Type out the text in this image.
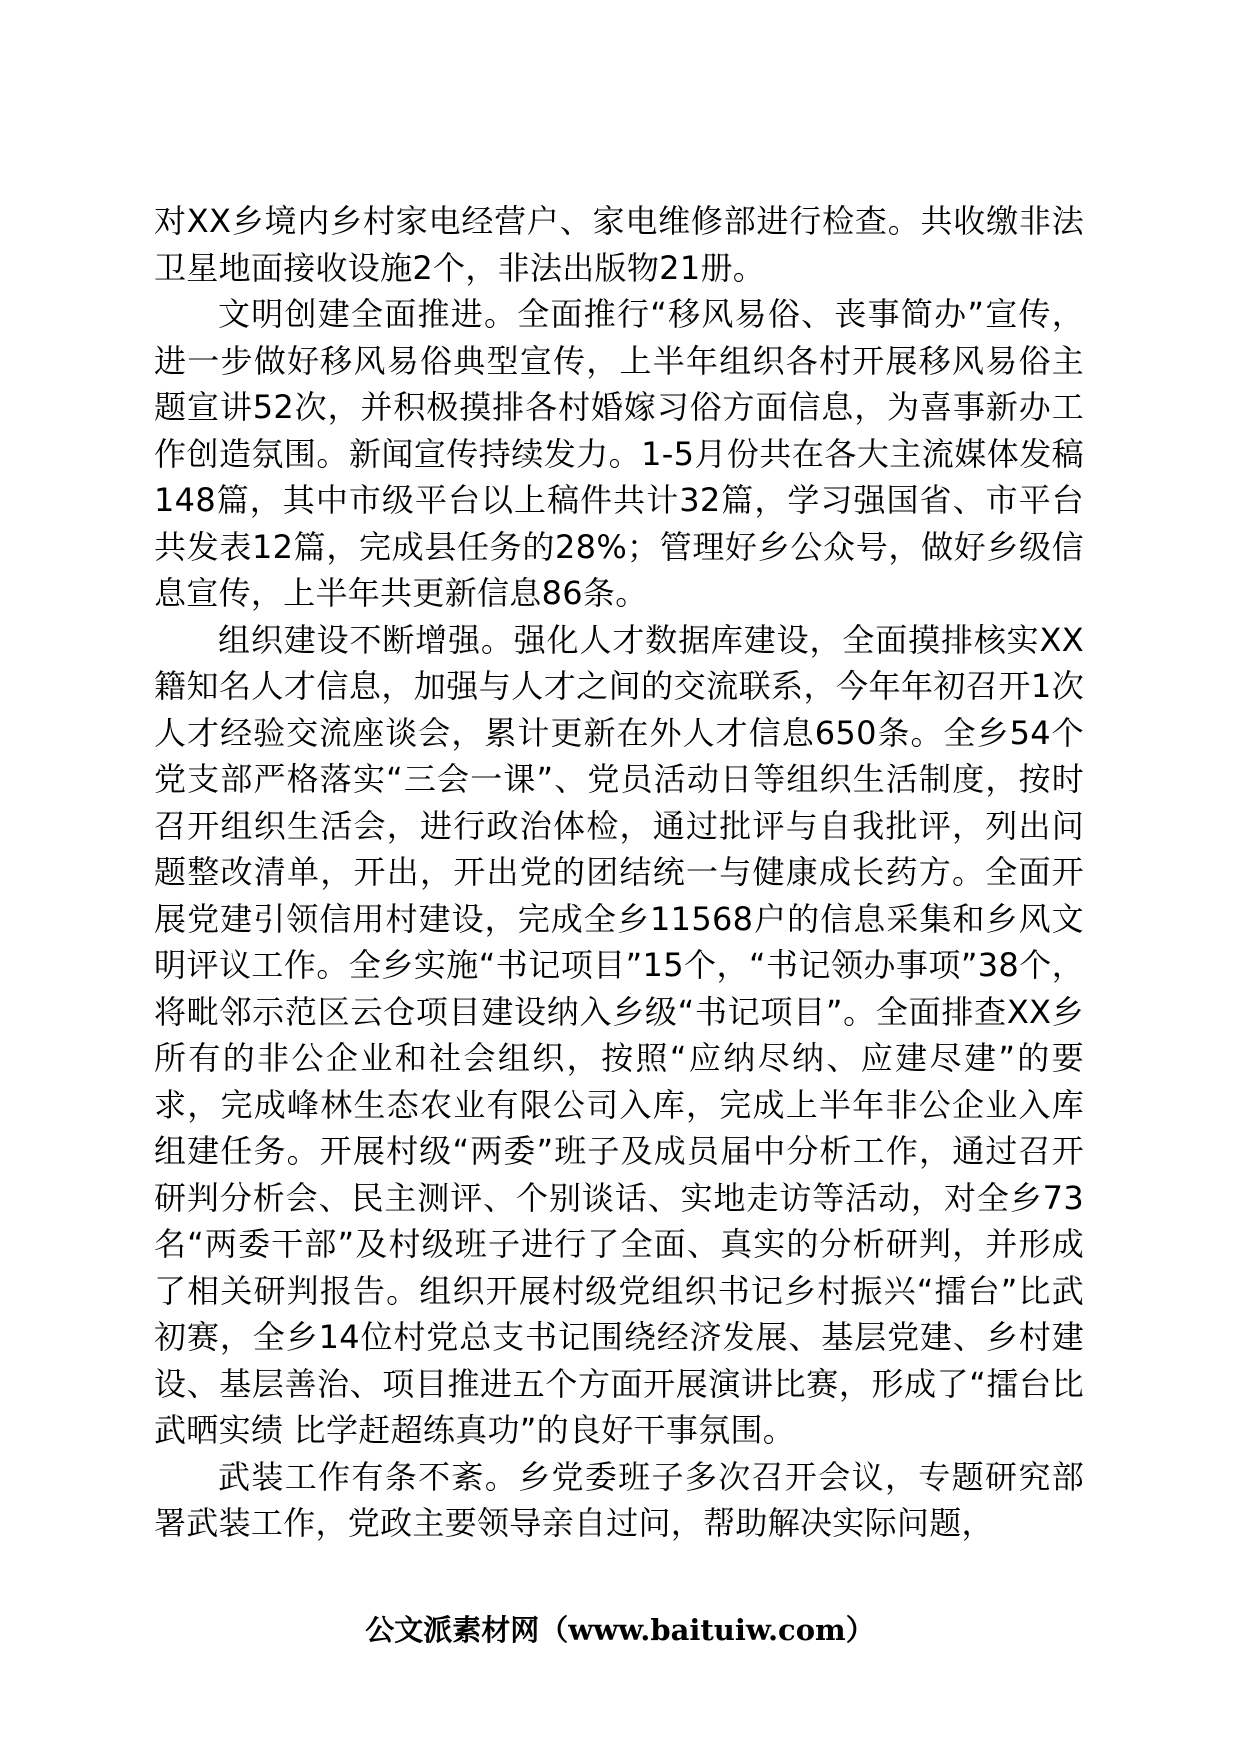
对XX乡境内乡村家电经营户、家电维修部进行检查。共收缴非法卫星地面接收设施2个，非法出版物21册。

文明创建全面推进。全面推行“移风易俗、丧事简办”宣传，进一步做好移风易俗典型宣传，上半年组织各村开展移风易俗主题宣讲52次，并积极摸排各村婚嫁习俗方面信息，为喜事新办工作创造氛围。新闻宣传持续发力。1-5月份共在各大主流媒体发稿148篇，其中市级平台以上稿件共计32篇，学习强国省、市平台共发表12篇，完成县任务的28%；管理好乡公众号，做好乡级信息宣传，上半年共更新信息86条。

组织建设不断增强。强化人才数据库建设，全面摸排核实XX籍知名人才信息，加强与人才之间的交流联系，今年年初召开1次人才经验交流座谈会，累计更新在外人才信息650条。全乡54个党支部严格落实“三会一课”、党员活动日等组织生活制度，按时召开组织生活会，进行政治体检，通过批评与自我批评，列出问题整改清单，开出，开出党的团结统一与健康成长药方。全面开展党建引领信用村建设，完成全乡11568户的信息采集和乡风文明评议工作。全乡实施“书记项目”15个，“书记领办事项”38个，将毗邻示范区云仓项目建设纳入乡级“书记项目”。全面排查XX乡所有的非公企业和社会组织，按照“应纳尽纳、应建尽建”的要求，完成峰林生态农业有限公司入库，完成上半年非公企业入库组建任务。开展村级“两委”班子及成员届中分析工作，通过召开研判分析会、民主测评、个别谈话、实地走访等活动，对全乡73名“两委干部”及村级班子进行了全面、真实的分析研判，并形成了相关研判报告。组织开展村级党组织书记乡村振兴“擂台”比武初赛，全乡14位村党总支书记围绕经济发展、基层党建、乡村建设、基层善治、项目推进五个方面开展演讲比赛，形成了“擂台比武晒实绩 比学赶超练真功”的良好干事氛围。

武装工作有条不紊。乡党委班子多次召开会议，专题研究部署武装工作，党政主要领导亲自过问，帮助解决实际问题，

公文派素材网（www.baituiw.com）
